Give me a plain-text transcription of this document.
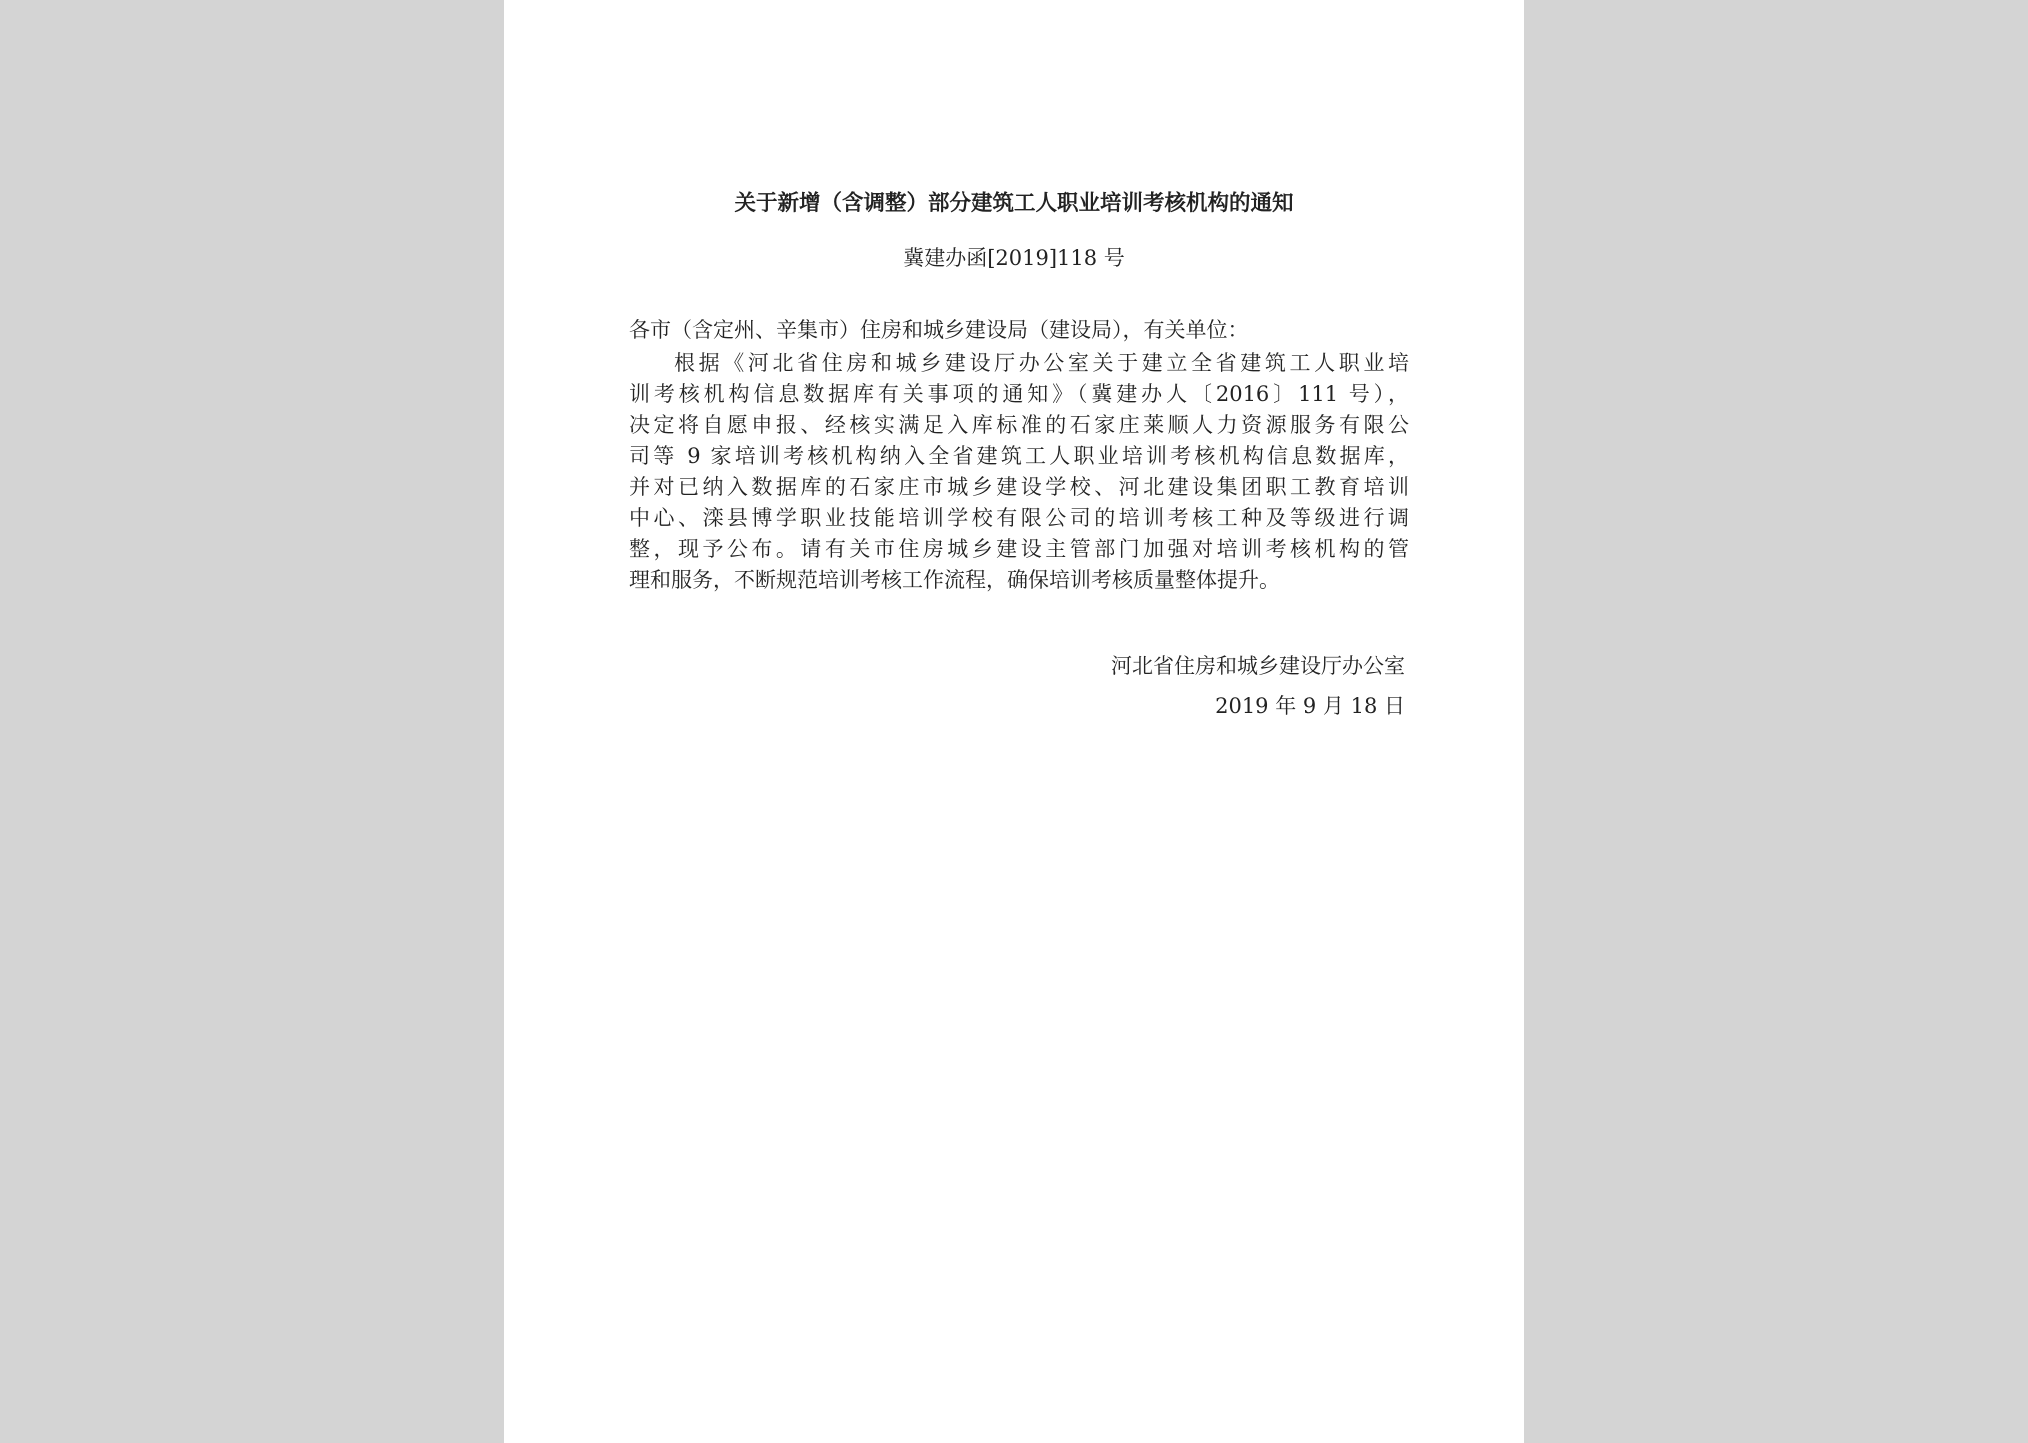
关于新增（含调整）部分建筑工人职业培训考核机构的通知

冀建办函[2019]118 号

各市（含定州、辛集市）住房和城乡建设局（建设局），有关单位：

根据《河北省住房和城乡建设厅办公室关于建立全省建筑工人职业培
训考核机构信息数据库有关事项的通知》（冀建办人〔2016〕111 号），
决定将自愿申报、经核实满足入库标准的石家庄莱顺人力资源服务有限公
司等 9 家培训考核机构纳入全省建筑工人职业培训考核机构信息数据库，
并对已纳入数据库的石家庄市城乡建设学校、河北建设集团职工教育培训
中心、滦县博学职业技能培训学校有限公司的培训考核工种及等级进行调
整，现予公布。请有关市住房城乡建设主管部门加强对培训考核机构的管
理和服务，不断规范培训考核工作流程，确保培训考核质量整体提升。

河北省住房和城乡建设厅办公室

2019 年 9 月 18 日
